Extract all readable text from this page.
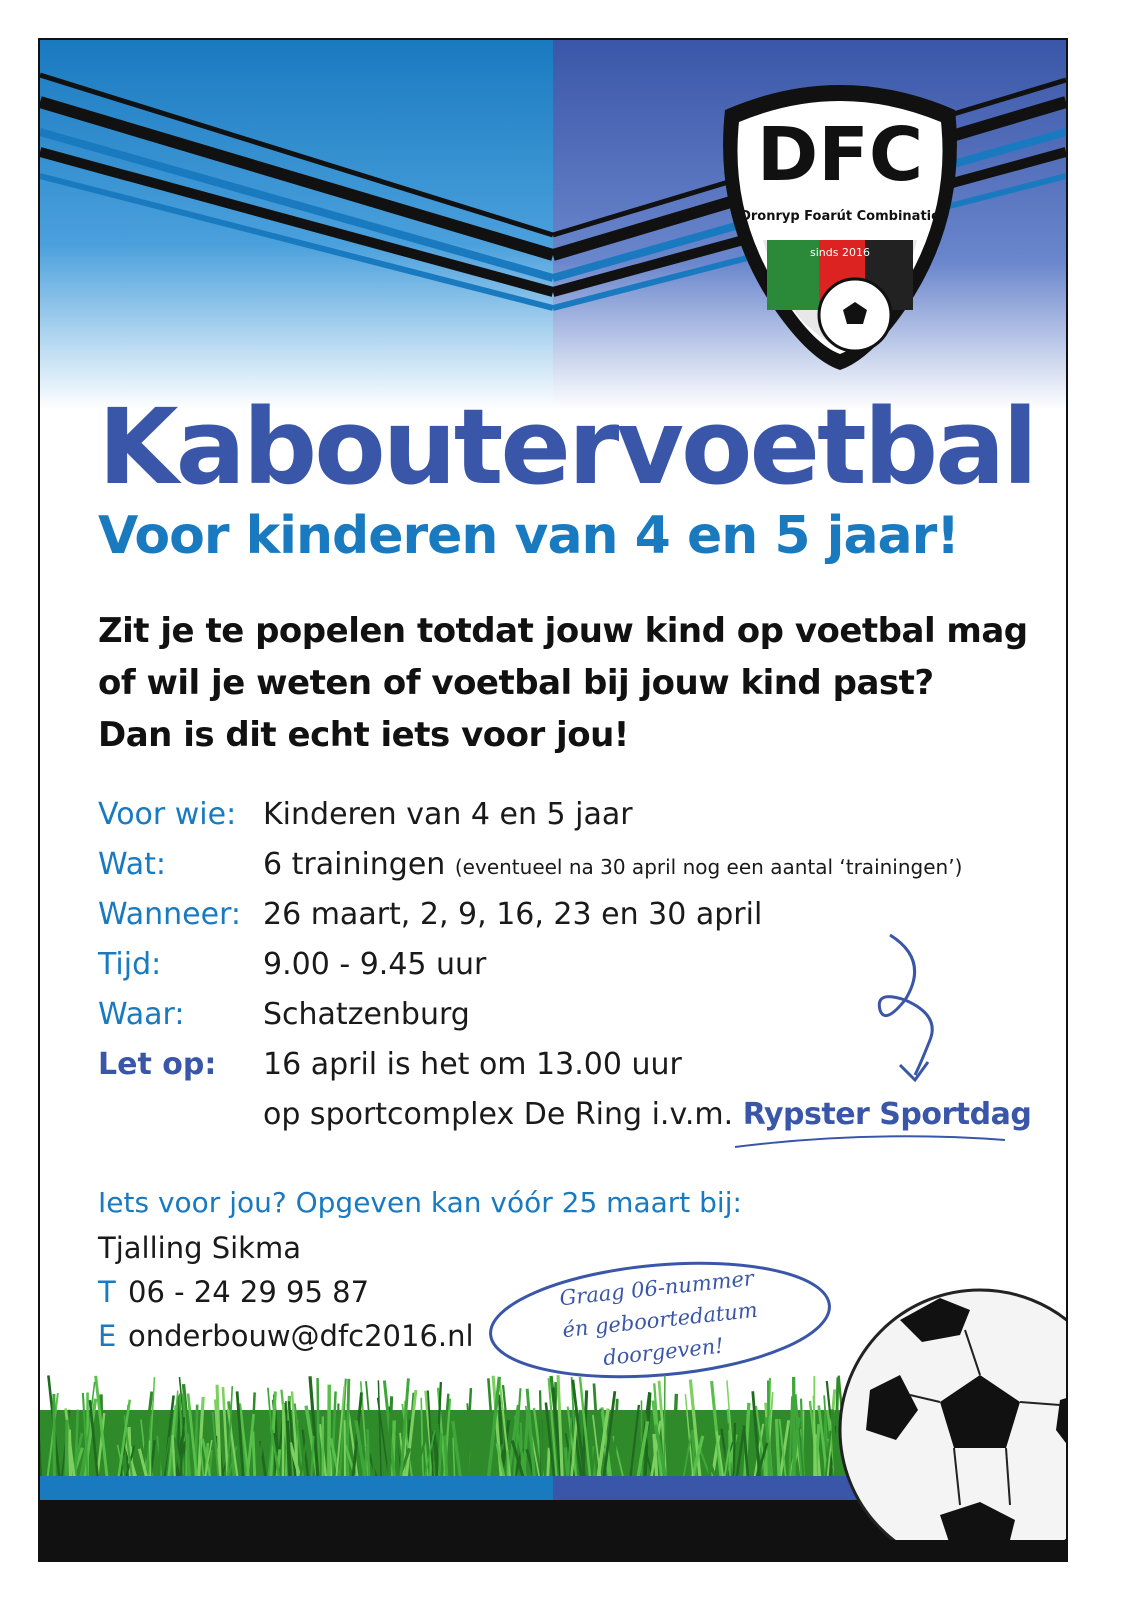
DFC
Dronryp Foarút Combinatie
sinds 2016
Kaboutervoetbal
Voor kinderen van 4 en 5 jaar!
Zit je te popelen totdat jouw kind op voetbal mag
of wil je weten of voetbal bij jouw kind past?
Dan is dit echt iets voor jou!
Voor wie: Kinderen van 4 en 5 jaar
Wat:	6 trainingen (eventueel na 30 april nog een aantal ‘trainingen’)
Wanneer: 26 maart, 2, 9, 16, 23 en 30 april
Tijd:	9.00 - 9.45 uur
Waar:	Schatzenburg
Let op: 16 april is het om 13.00 uur
op sportcomplex De Ring i.v.m. Rypster Sportdag
Iets voor jou? Opgeven kan vóór 25 maart bij:
Tjalling Sikma
T 06 - 24 29 95 87
E onderbouw@dfc2016.nl
Graag 06-nummer
én geboortedatum
doorgeven!
